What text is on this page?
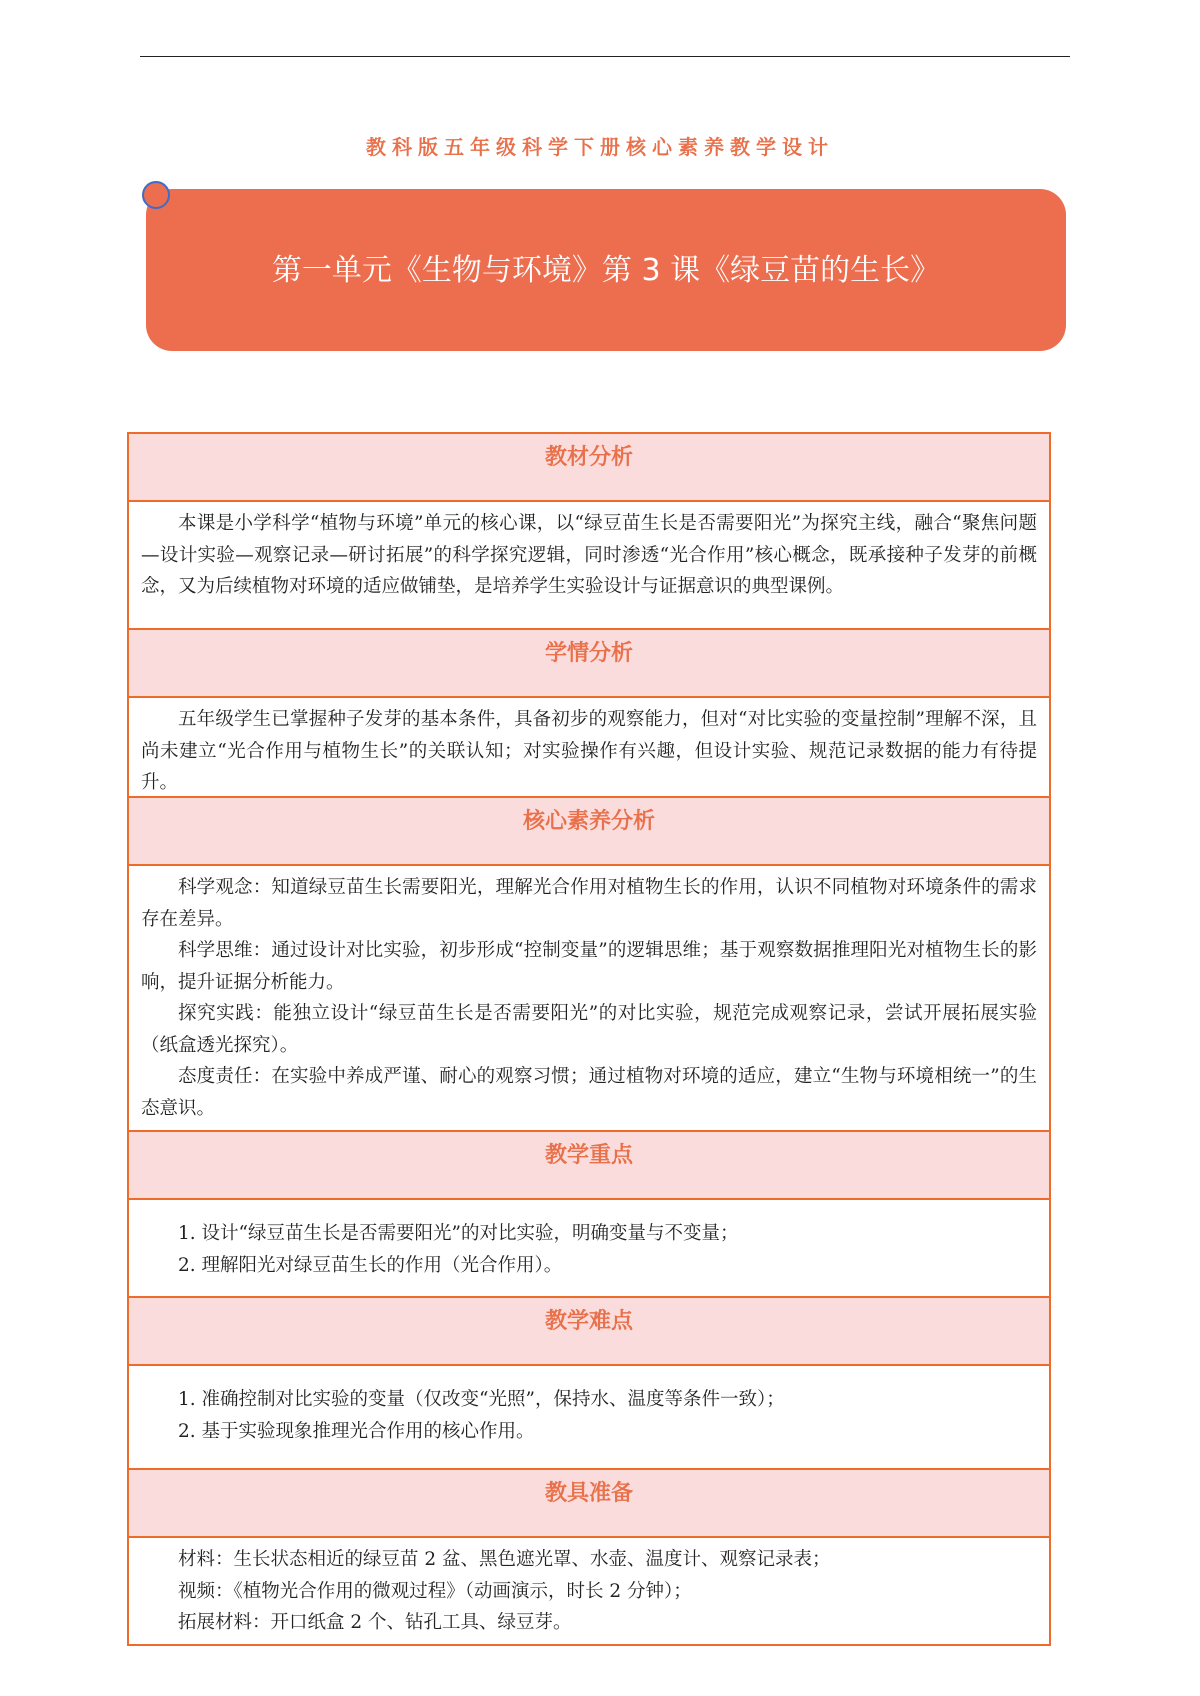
教科版五年级科学下册核心素养教学设计
第一单元《生物与环境》第 3 课《绿豆苗的生长》
教材分析

本课是小学科学“植物与环境”单元的核心课，以“绿豆苗生长是否需要阳光”为探究主线，融合“聚焦问题—设计实验—观察记录—研讨拓展”的科学探究逻辑，同时渗透“光合作用”核心概念，既承接种子发芽的前概念，又为后续植物对环境的适应做铺垫，是培养学生实验设计与证据意识的典型课例。

学情分析

五年级学生已掌握种子发芽的基本条件，具备初步的观察能力，但对“对比实验的变量控制”理解不深，且尚未建立“光合作用与植物生长”的关联认知；对实验操作有兴趣，但设计实验、规范记录数据的能力有待提升。

核心素养分析

科学观念：知道绿豆苗生长需要阳光，理解光合作用对植物生长的作用，认识不同植物对环境条件的需求存在差异。

科学思维：通过设计对比实验，初步形成“控制变量”的逻辑思维；基于观察数据推理阳光对植物生长的影响，提升证据分析能力。

探究实践：能独立设计“绿豆苗生长是否需要阳光”的对比实验，规范完成观察记录，尝试开展拓展实验（纸盒透光探究）。

态度责任：在实验中养成严谨、耐心的观察习惯；通过植物对环境的适应，建立“生物与环境相统一”的生态意识。

教学重点
1. 设计“绿豆苗生长是否需要阳光”的对比实验，明确变量与不变量；
2. 理解阳光对绿豆苗生长的作用（光合作用）。
教学难点
1. 准确控制对比实验的变量（仅改变“光照”，保持水、温度等条件一致）；
2. 基于实验现象推理光合作用的核心作用。
教具准备
材料：生长状态相近的绿豆苗 2 盆、黑色遮光罩、水壶、温度计、观察记录表；
视频：《植物光合作用的微观过程》（动画演示，时长 2 分钟）；
拓展材料：开口纸盒 2 个、钻孔工具、绿豆芽。
